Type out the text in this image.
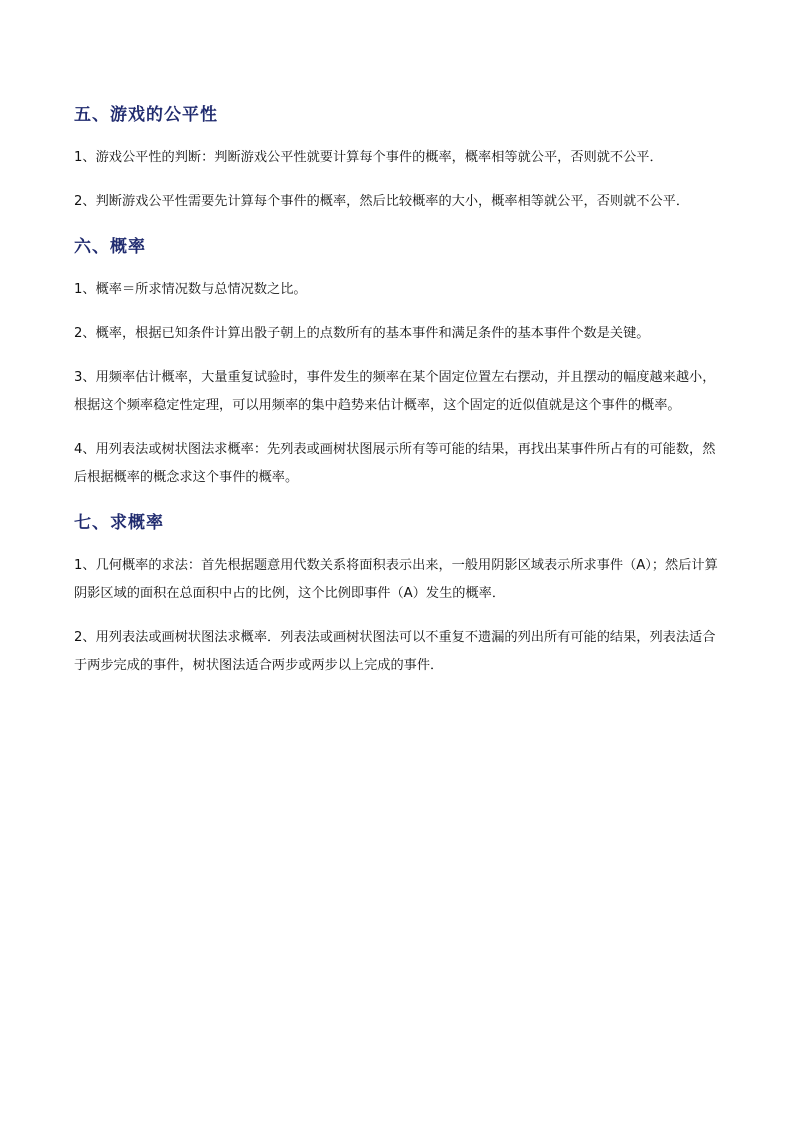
五、游戏的公平性

1、游戏公平性的判断：判断游戏公平性就要计算每个事件的概率，概率相等就公平，否则就不公平．

2、判断游戏公平性需要先计算每个事件的概率，然后比较概率的大小，概率相等就公平，否则就不公平．

六、概率

1、概率＝所求情况数与总情况数之比。

2、概率，根据已知条件计算出骰子朝上的点数所有的基本事件和满足条件的基本事件个数是关键。

3、用频率估计概率，大量重复试验时，事件发生的频率在某个固定位置左右摆动，并且摆动的幅度越来越小，根据这个频率稳定性定理，可以用频率的集中趋势来估计概率，这个固定的近似值就是这个事件的概率。

4、用列表法或树状图法求概率：先列表或画树状图展示所有等可能的结果，再找出某事件所占有的可能数，然后根据概率的概念求这个事件的概率。

七、求概率

1、几何概率的求法：首先根据题意用代数关系将面积表示出来，一般用阴影区域表示所求事件（A）；然后计算阴影区域的面积在总面积中占的比例，这个比例即事件（A）发生的概率．

2、用列表法或画树状图法求概率．列表法或画树状图法可以不重复不遗漏的列出所有可能的结果，列表法适合于两步完成的事件，树状图法适合两步或两步以上完成的事件．
